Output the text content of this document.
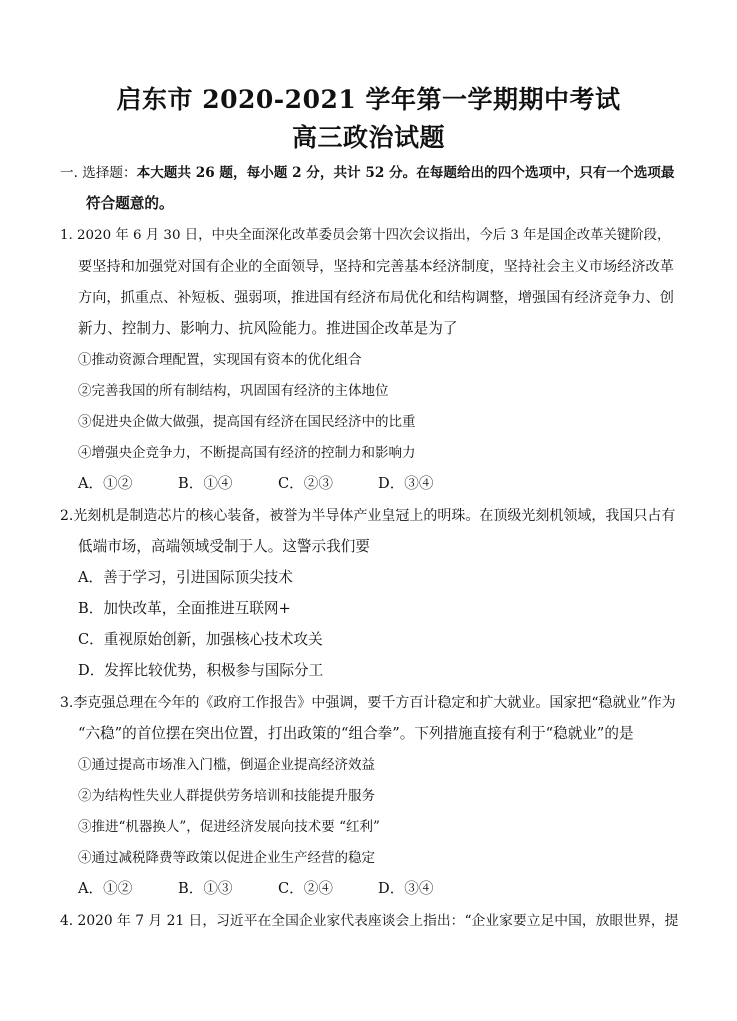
启东市 2020-2021 学年第一学期期中考试
高三政治试题
一. 选择题：本大题共 26 题，每小题 2 分，共计 52 分。在每题给出的四个选项中，只有一个选项最
符合题意的。
1. 2020 年 6 月 30 日，中央全面深化改革委员会第十四次会议指出，今后 3 年是国企改革关键阶段，
要坚持和加强党对国有企业的全面领导，坚持和完善基本经济制度，坚持社会主义市场经济改革
方向，抓重点、补短板、强弱项，推进国有经济布局优化和结构调整，增强国有经济竞争力、创
新力、控制力、影响力、抗风险能力。推进国企改革是为了
①推动资源合理配置，实现国有资本的优化组合
②完善我国的所有制结构，巩固国有经济的主体地位
③促进央企做大做强，提高国有经济在国民经济中的比重
④增强央企竞争力，不断提高国有经济的控制力和影响力
A．①②	B．①④	C．②③	D．③④
2.光刻机是制造芯片的核心装备，被誉为半导体产业皇冠上的明珠。在顶级光刻机领域，我国只占有
低端市场，高端领域受制于人。这警示我们要
A．善于学习，引进国际顶尖技术
B．加快改革，全面推进互联网+
C．重视原始创新，加强核心技术攻关
D．发挥比较优势，积极参与国际分工
3.李克强总理在今年的《政府工作报告》中强调，要千方百计稳定和扩大就业。国家把“稳就业”作为
“六稳”的首位摆在突出位置，打出政策的“组合拳”。下列措施直接有利于“稳就业”的是
①通过提高市场准入门槛，倒逼企业提高经济效益
②为结构性失业人群提供劳务培训和技能提升服务
③推进“机器换人”，促进经济发展向技术要 “红利”
④通过减税降费等政策以促进企业生产经营的稳定
A．①②	B．①③	C．②④	D．③④
4. 2020 年 7 月 21 日，习近平在全国企业家代表座谈会上指出：“企业家要立足中国，放眼世界，提
